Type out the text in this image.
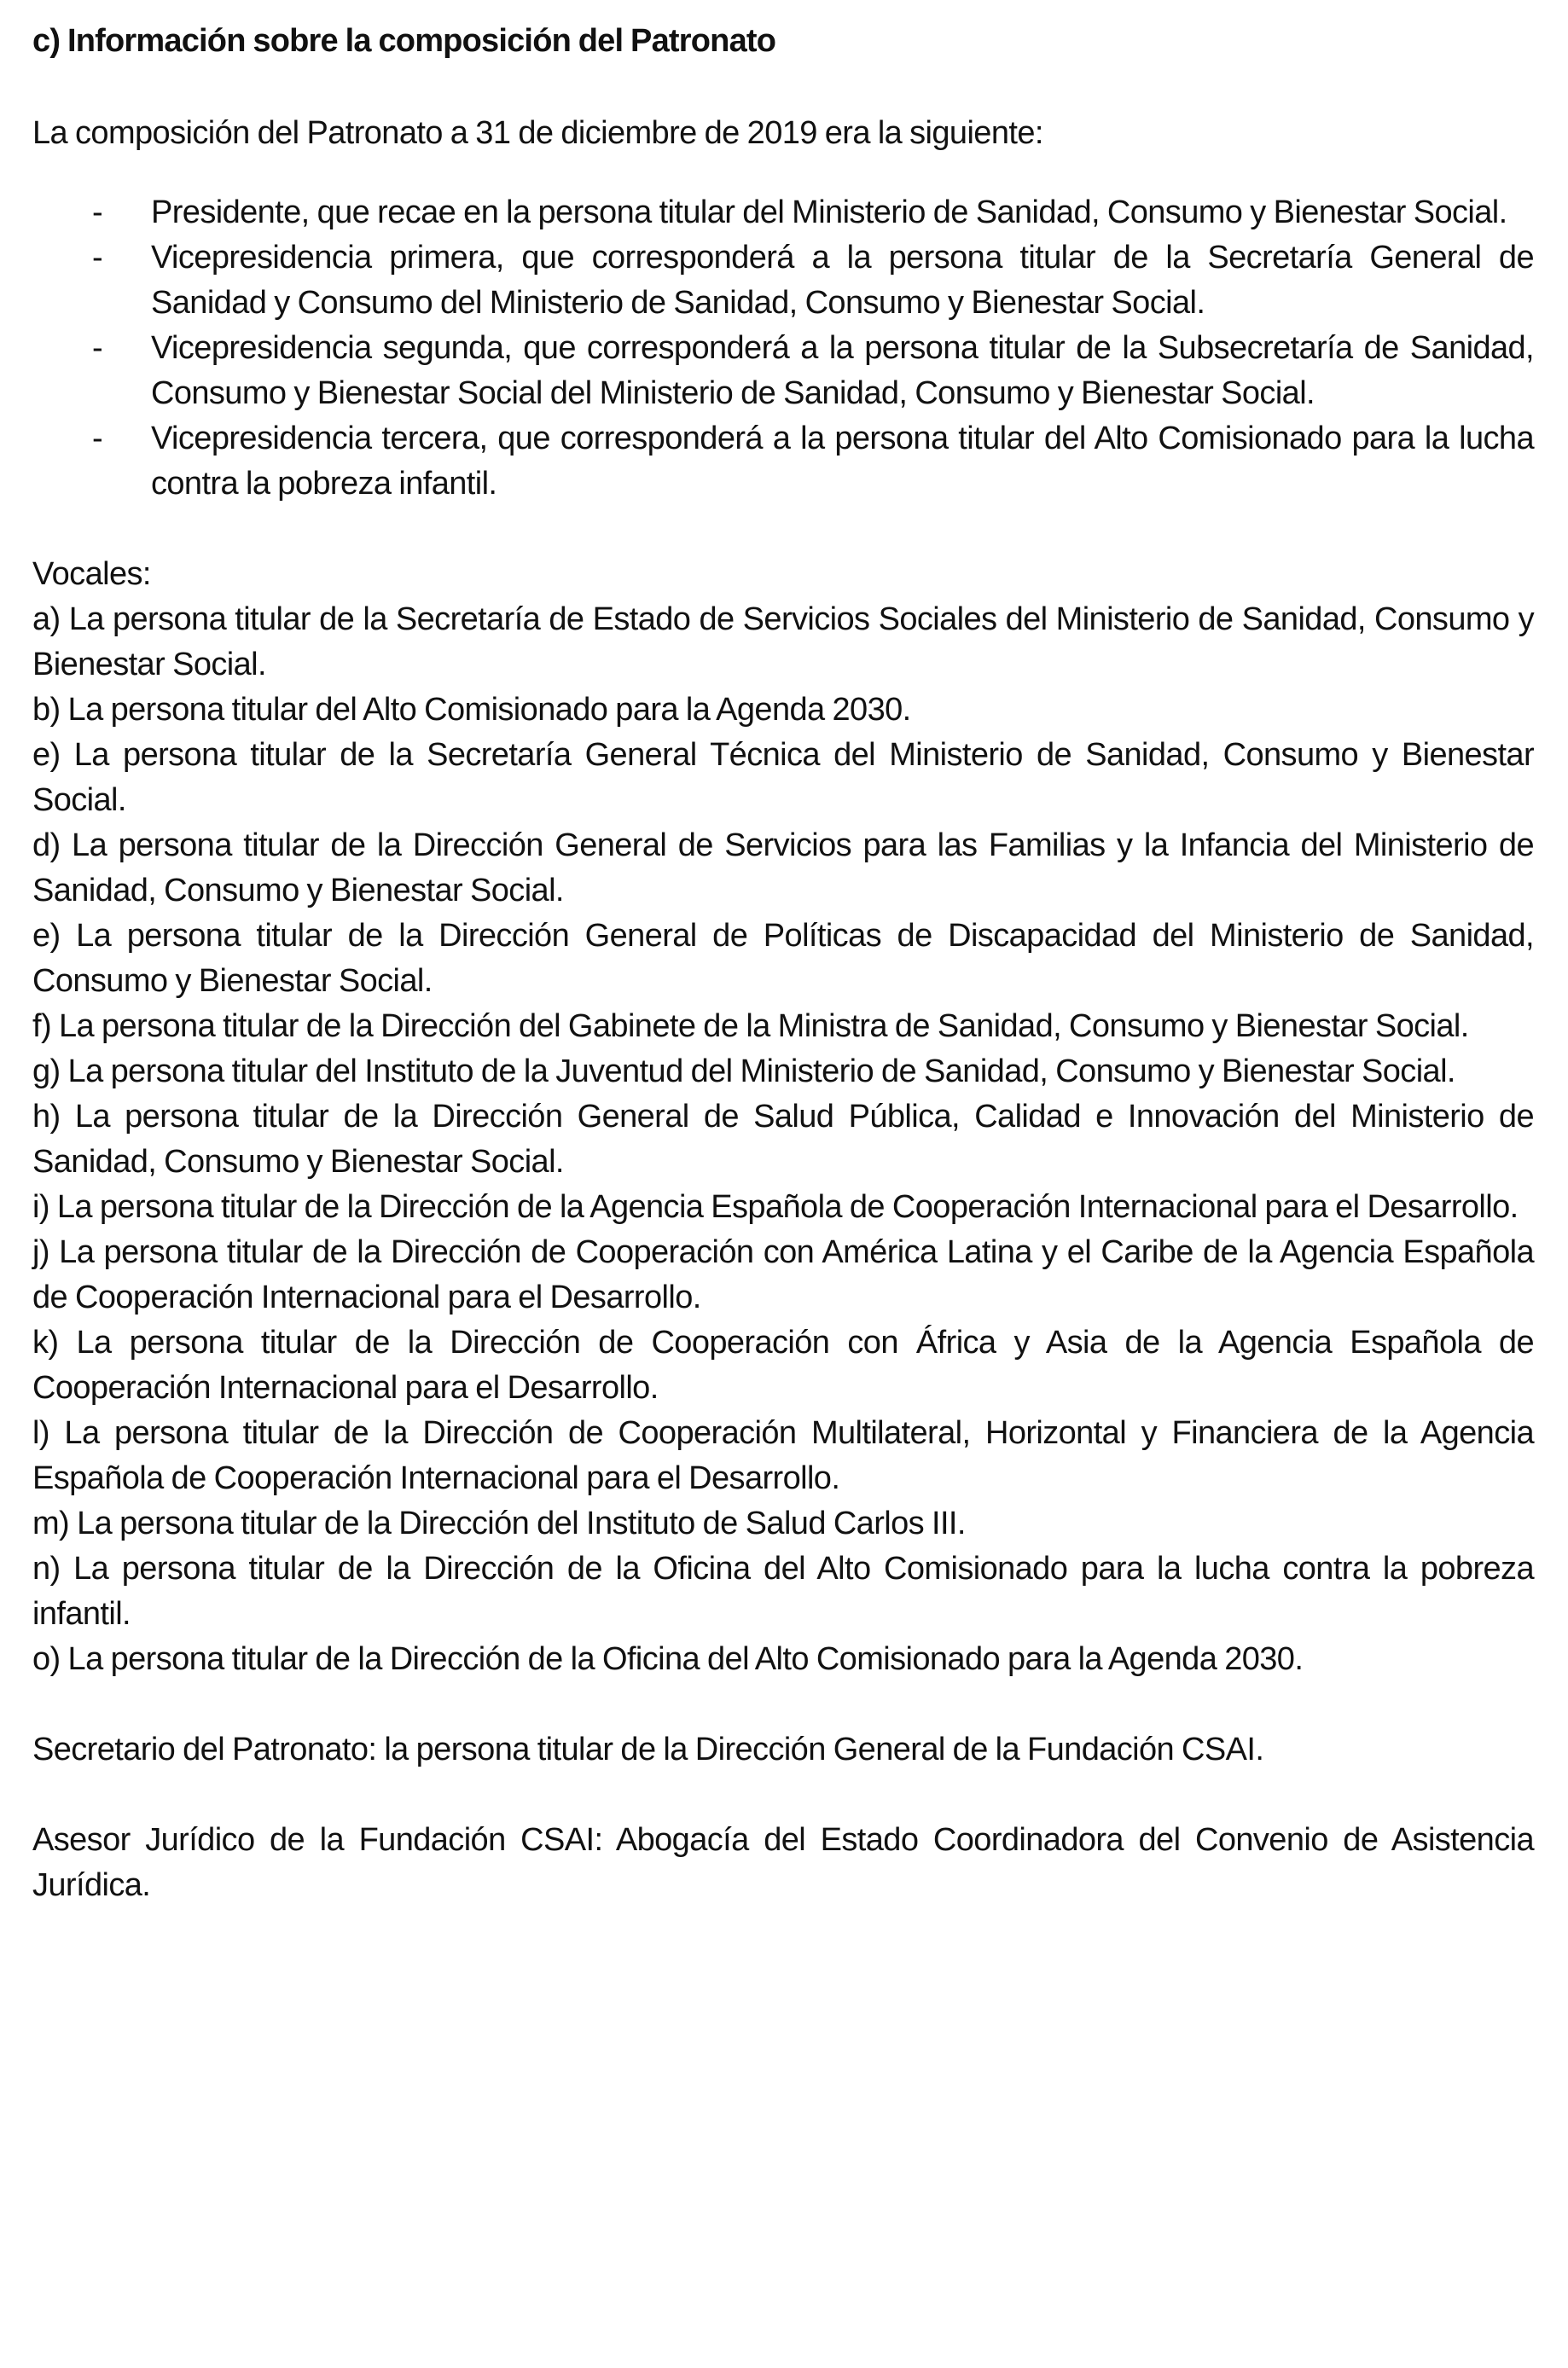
c) Información sobre la composición del Patronato

La composición del Patronato a 31 de diciembre de 2019 era la siguiente:

- Presidente, que recae en la persona titular del Ministerio de Sanidad, Consumo y Bienestar Social.
- Vicepresidencia primera, que corresponderá a la persona titular de la Secretaría General de Sanidad y Consumo del Ministerio de Sanidad, Consumo y Bienestar Social.
- Vicepresidencia segunda, que corresponderá a la persona titular de la Subsecretaría de Sanidad, Consumo y Bienestar Social del Ministerio de Sanidad, Consumo y Bienestar Social.
- Vicepresidencia tercera, que corresponderá a la persona titular del Alto Comisionado para la lucha contra la pobreza infantil.

Vocales:

a) La persona titular de la Secretaría de Estado de Servicios Sociales del Ministerio de Sanidad, Consumo y Bienestar Social.
b) La persona titular del Alto Comisionado para la Agenda 2030.
e) La persona titular de la Secretaría General Técnica del Ministerio de Sanidad, Consumo y Bienestar Social.
d) La persona titular de la Dirección General de Servicios para las Familias y la Infancia del Ministerio de Sanidad, Consumo y Bienestar Social.
e) La persona titular de la Dirección General de Políticas de Discapacidad del Ministerio de Sanidad, Consumo y Bienestar Social.
f) La persona titular de la Dirección del Gabinete de la Ministra de Sanidad, Consumo y Bienestar Social.
g) La persona titular del Instituto de la Juventud del Ministerio de Sanidad, Consumo y Bienestar Social.
h) La persona titular de la Dirección General de Salud Pública, Calidad e Innovación del Ministerio de Sanidad, Consumo y Bienestar Social.
i) La persona titular de la Dirección de la Agencia Española de Cooperación Internacional para el Desarrollo.
j) La persona titular de la Dirección de Cooperación con América Latina y el Caribe de la Agencia Española de Cooperación Internacional para el Desarrollo.
k) La persona titular de la Dirección de Cooperación con África y Asia de la Agencia Española de Cooperación Internacional para el Desarrollo.
l) La persona titular de la Dirección de Cooperación Multilateral, Horizontal y Financiera de la Agencia Española de Cooperación Internacional para el Desarrollo.
m) La persona titular de la Dirección del Instituto de Salud Carlos III.
n) La persona titular de la Dirección de la Oficina del Alto Comisionado para la lucha contra la pobreza infantil.
o) La persona titular de la Dirección de la Oficina del Alto Comisionado para la Agenda 2030.

Secretario del Patronato: la persona titular de la Dirección General de la Fundación CSAI.

Asesor Jurídico de la Fundación CSAI: Abogacía del Estado Coordinadora del Convenio de Asistencia Jurídica.
